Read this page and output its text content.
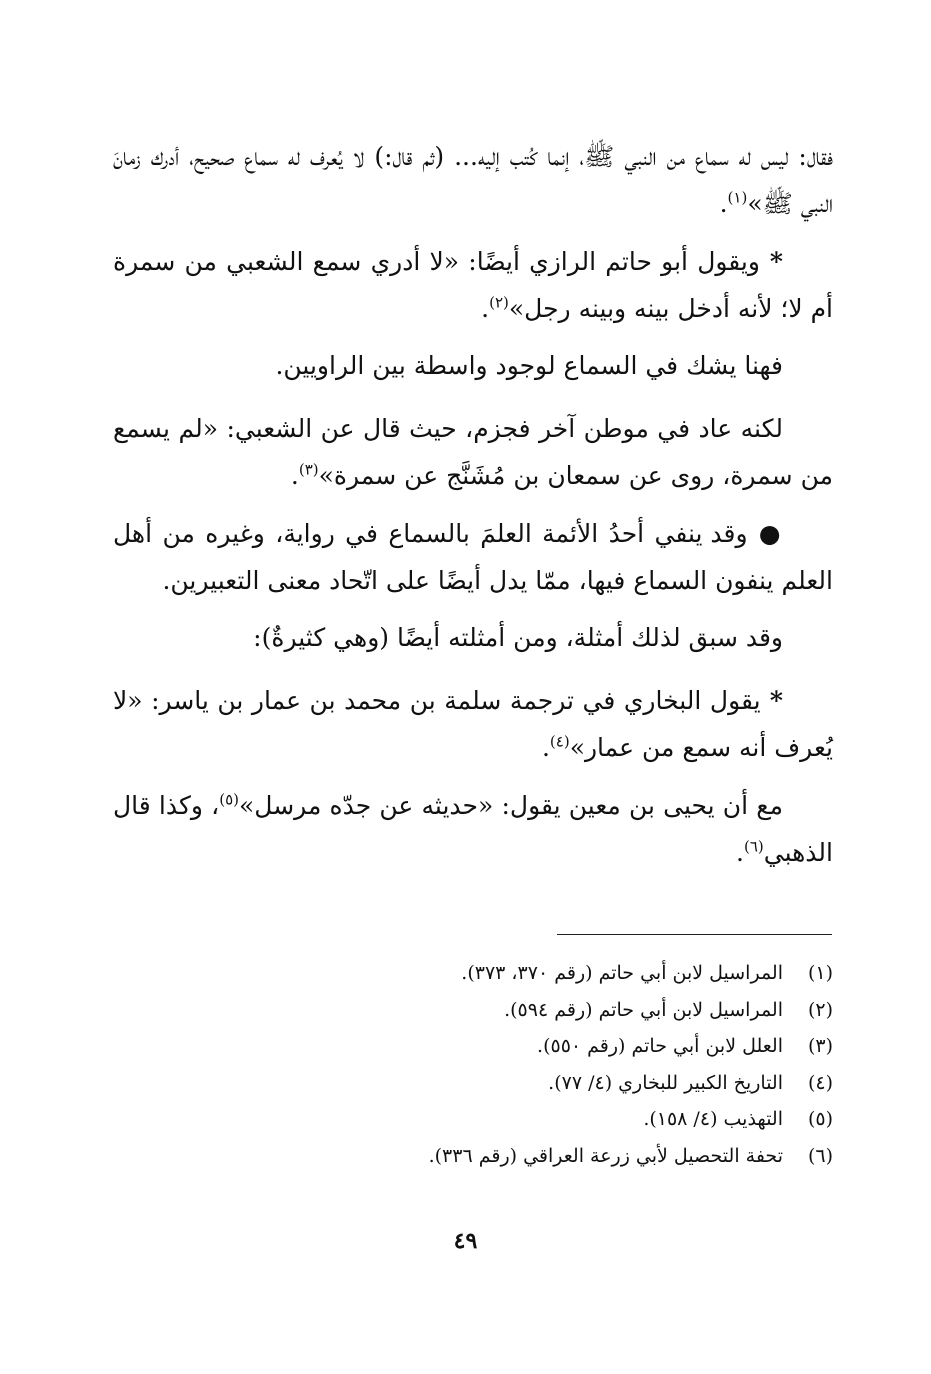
فقال: ليس له سماع من النبي ﷺ، إنما كُتب إليه... (ثم قال:) لا يُعرف له سماع صحيح، أدرك زمانَ النبي ﷺ»$^{(١)}$.

* ويقول أبو حاتم الرازي أيضًا: «لا أدري سمع الشعبي من سمرة أم لا؛ لأنه أدخل بينه وبينه رجل»$^{(٢)}$.

فهنا يشك في السماع لوجود واسطة بين الراويين.

لكنه عاد في موطن آخر فجزم، حيث قال عن الشعبي: «لم يسمع من سمرة، روى عن سمعان بن مُشَنَّج عن سمرة»$^{(٣)}$.

● وقد ينفي أحدُ الأئمة العلمَ بالسماع في رواية، وغيره من أهل العلم ينفون السماع فيها، ممّا يدل أيضًا على اتّحاد معنى التعبيرين.

وقد سبق لذلك أمثلة، ومن أمثلته أيضًا (وهي كثيرةٌ):

* يقول البخاري في ترجمة سلمة بن محمد بن عمار بن ياسر: «لا يُعرف أنه سمع من عمار»$^{(٤)}$.

مع أن يحيى بن معين يقول: «حديثه عن جدّه مرسل»$^{(٥)}$، وكذا قال الذهبي$^{(٦)}$.

(١)المراسيل لابن أبي حاتم (رقم ٣٧٠، ٣٧٣).
(٢)المراسيل لابن أبي حاتم (رقم ٥٩٤).
(٣)العلل لابن أبي حاتم (رقم ٥٥٠).
(٤)التاريخ الكبير للبخاري (٤/ ٧٧).
(٥)التهذيب (٤/ ١٥٨).
(٦)تحفة التحصيل لأبي زرعة العراقي (رقم ٣٣٦).
٤٩
